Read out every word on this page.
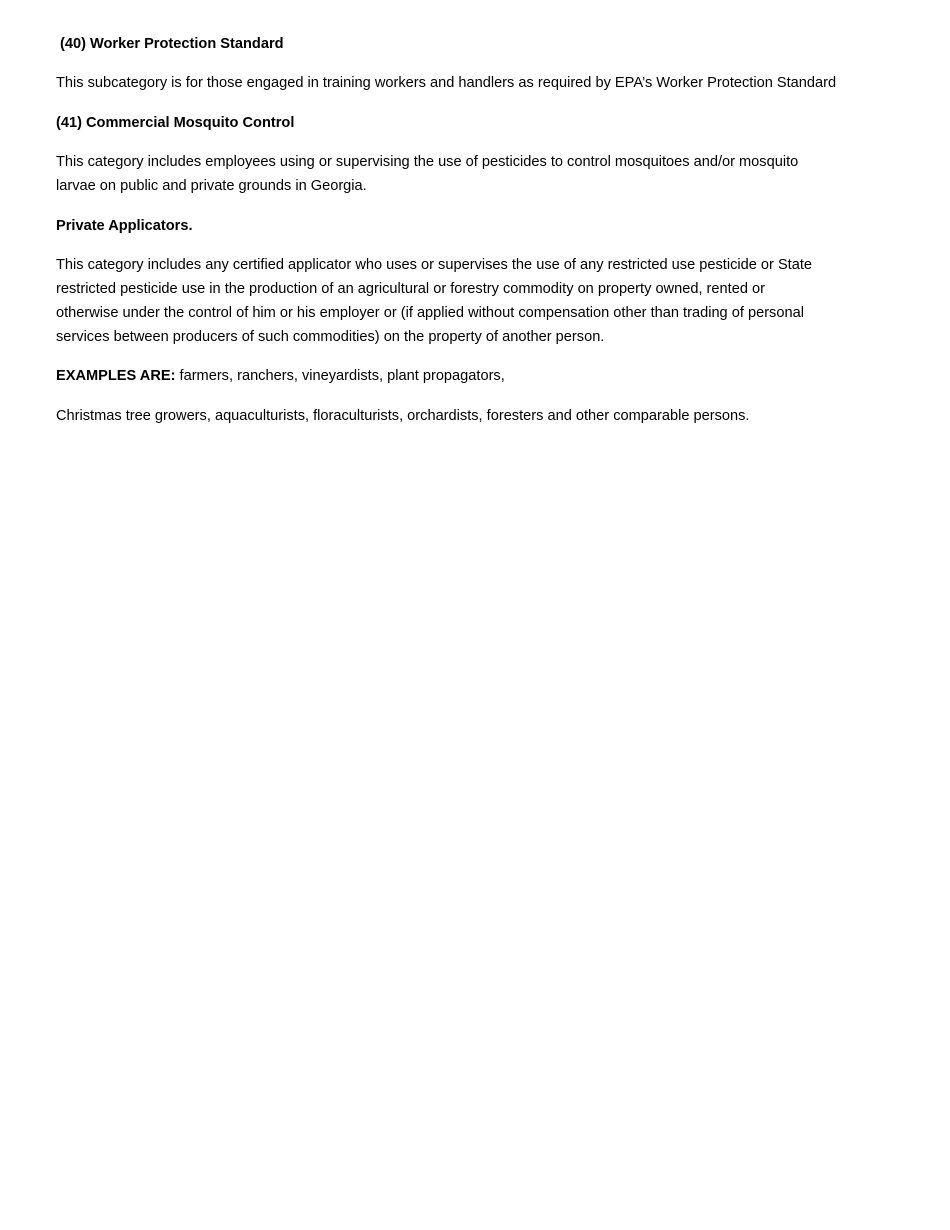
(40) Worker Protection Standard
This subcategory is for those engaged in training workers and handlers as required by EPA’s Worker Protection Standard
(41) Commercial Mosquito Control
This category includes employees using or supervising the use of pesticides to control mosquitoes and/or mosquito
larvae on public and private grounds in Georgia.
Private Applicators.
This category includes any certified applicator who uses or supervises the use of any restricted use pesticide or State
restricted pesticide use in the production of an agricultural or forestry commodity on property owned, rented or
otherwise under the control of him or his employer or (if applied without compensation other than trading of personal
services between producers of such commodities) on the property of another person.
EXAMPLES ARE: farmers, ranchers, vineyardists, plant propagators,
Christmas tree growers, aquaculturists, floraculturists, orchardists, foresters and other comparable persons.
